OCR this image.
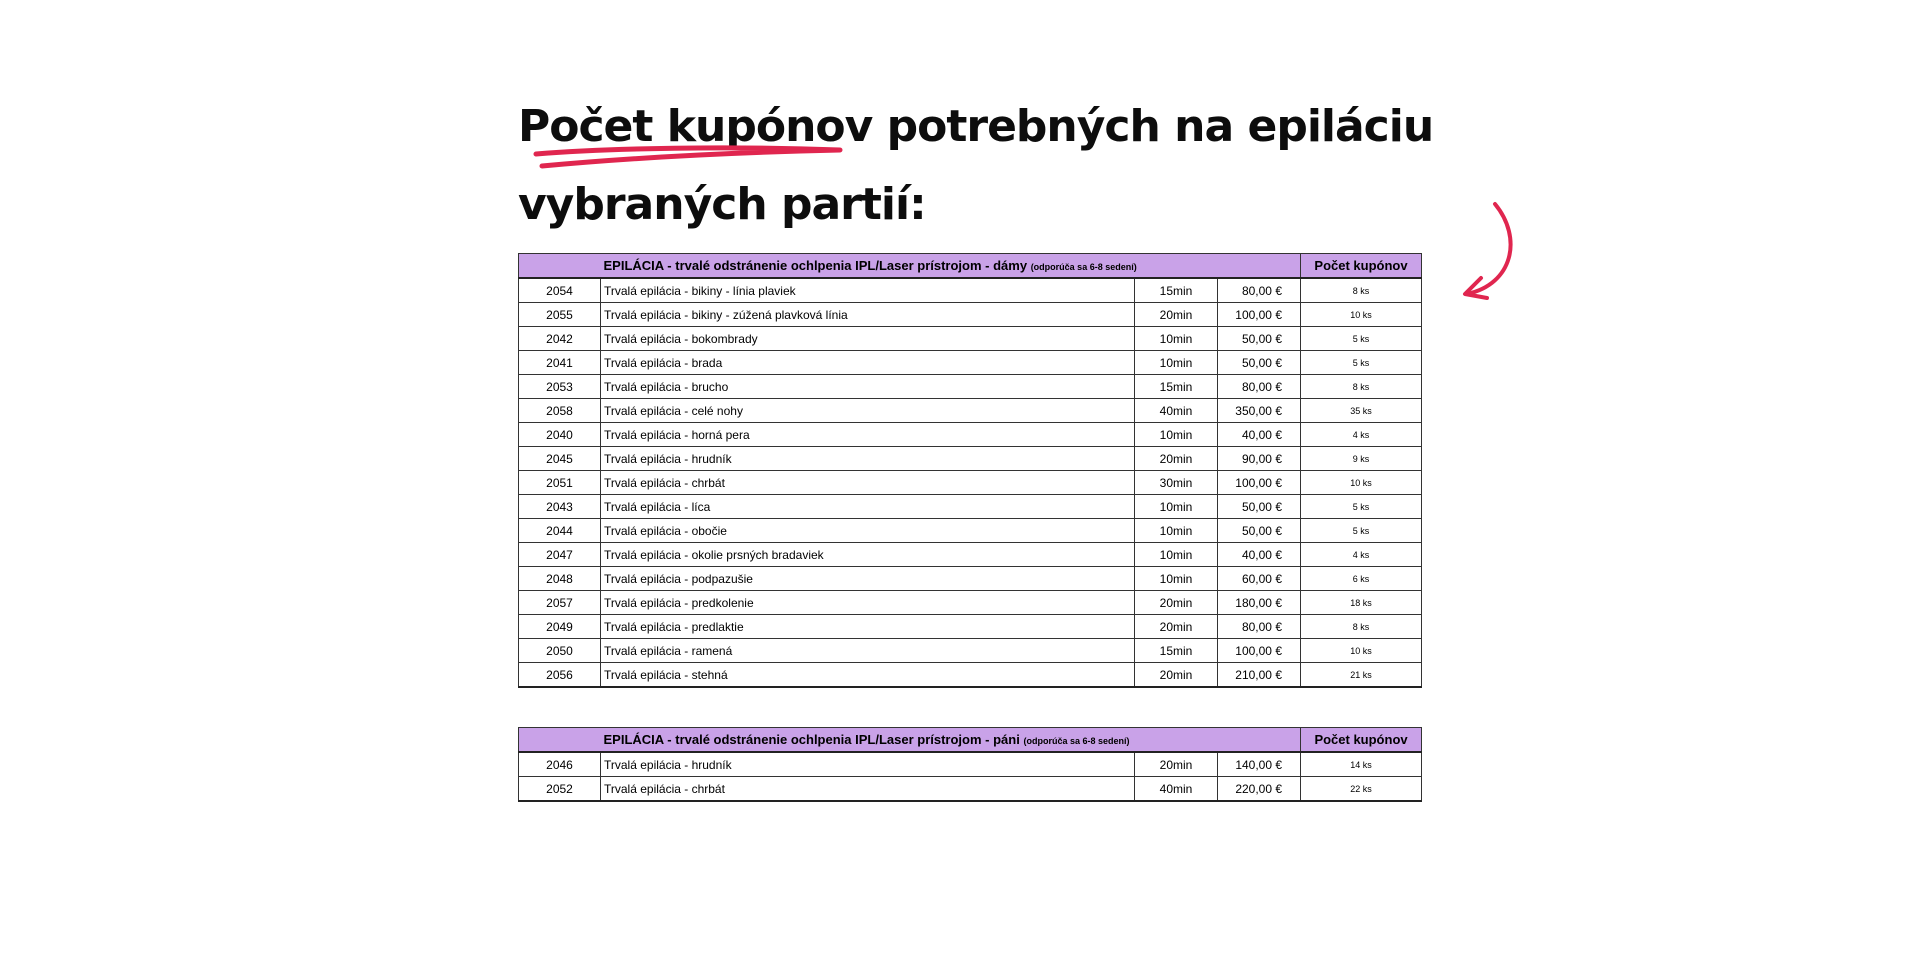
Počet kupónov potrebných na epiláciu
vybraných partií:
	EPILÁCIA - trvalé odstránenie ochlpenia IPL/Laser prístrojom - dámy (odporúča sa 6-8 sedení)			Počet kupónov
2054	Trvalá epilácia - bikiny - línia plaviek	15min	80,00 €	8 ks
2055	Trvalá epilácia - bikiny - zúžená plavková línia	20min	100,00 €	10 ks
2042	Trvalá epilácia - bokombrady	10min	50,00 €	5 ks
2041	Trvalá epilácia - brada	10min	50,00 €	5 ks
2053	Trvalá epilácia - brucho	15min	80,00 €	8 ks
2058	Trvalá epilácia - celé nohy	40min	350,00 €	35 ks
2040	Trvalá epilácia - horná pera	10min	40,00 €	4 ks
2045	Trvalá epilácia - hrudník	20min	90,00 €	9 ks
2051	Trvalá epilácia - chrbát	30min	100,00 €	10 ks
2043	Trvalá epilácia - líca	10min	50,00 €	5 ks
2044	Trvalá epilácia - obočie	10min	50,00 €	5 ks
2047	Trvalá epilácia - okolie prsných bradaviek	10min	40,00 €	4 ks
2048	Trvalá epilácia - podpazušie	10min	60,00 €	6 ks
2057	Trvalá epilácia - predkolenie	20min	180,00 €	18 ks
2049	Trvalá epilácia - predlaktie	20min	80,00 €	8 ks
2050	Trvalá epilácia - ramená	15min	100,00 €	10 ks
2056	Trvalá epilácia - stehná	20min	210,00 €	21 ks
	EPILÁCIA - trvalé odstránenie ochlpenia IPL/Laser prístrojom - páni (odporúča sa 6-8 sedení)			Počet kupónov
2046	Trvalá epilácia - hrudník	20min	140,00 €	14 ks
2052	Trvalá epilácia - chrbát	40min	220,00 €	22 ks
